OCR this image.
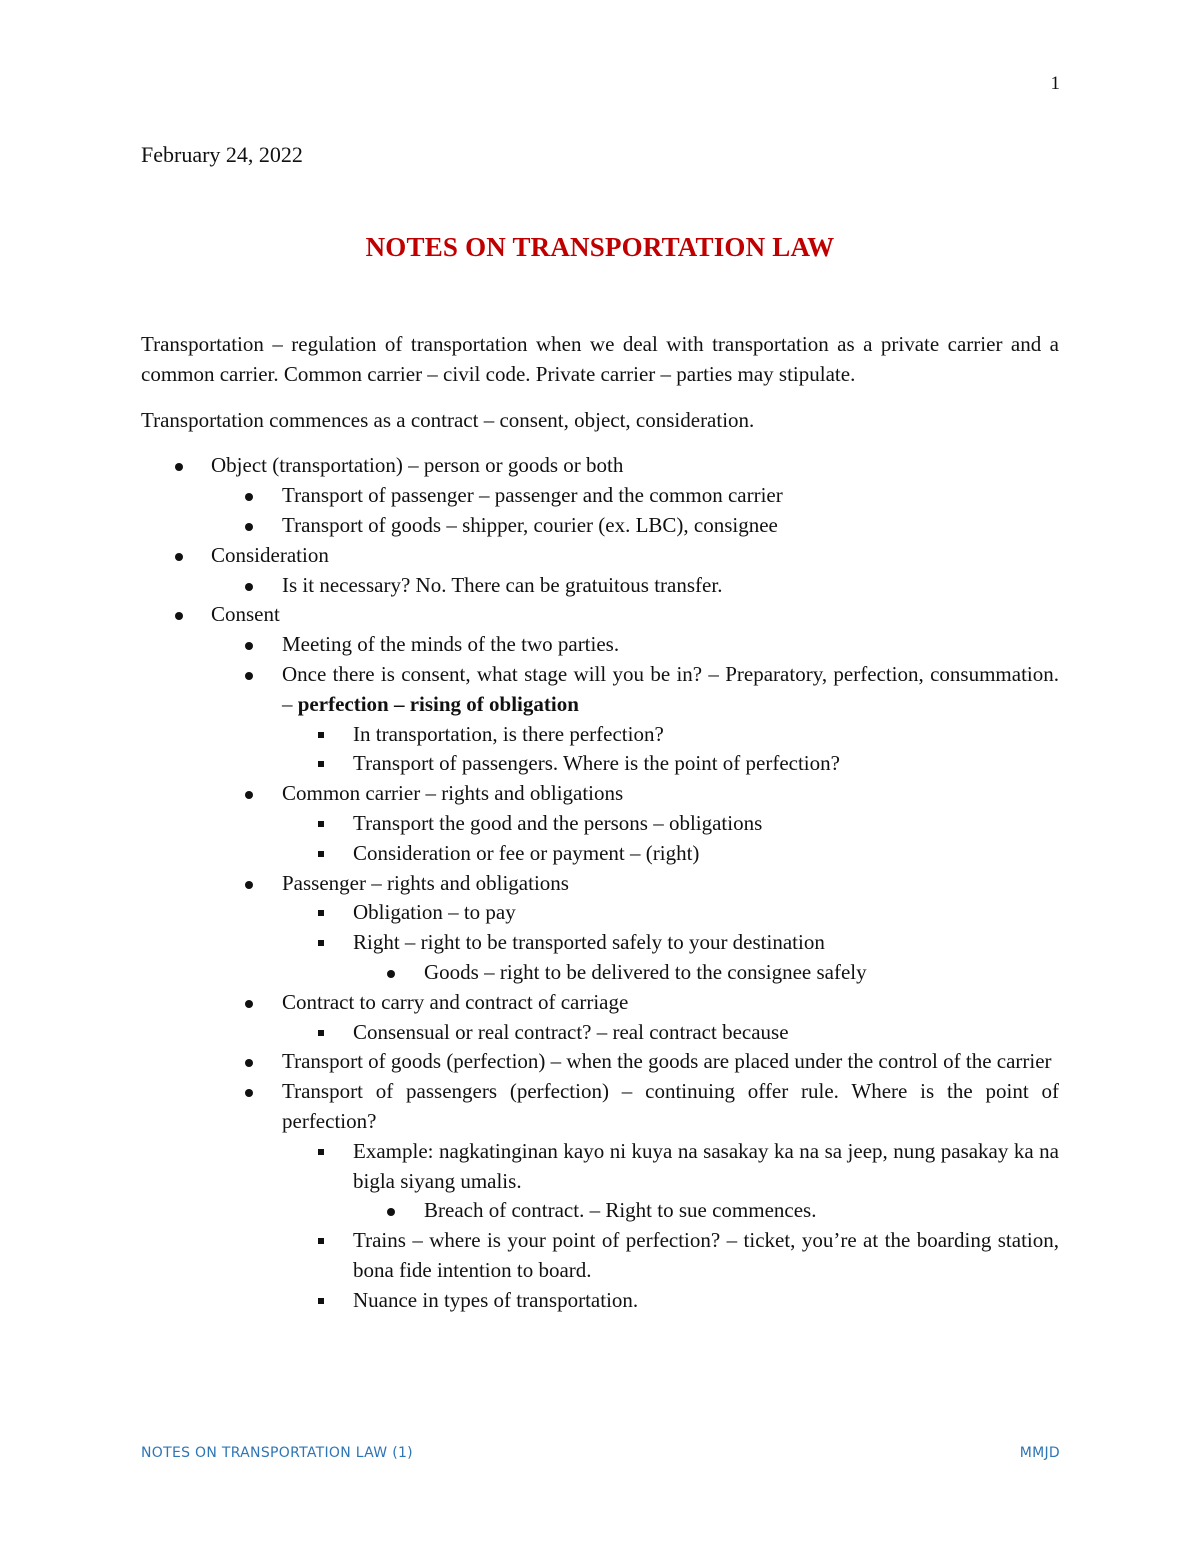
1
February 24, 2022
NOTES ON TRANSPORTATION LAW

Transportation – regulation of transportation when we deal with transportation as a private carrier and a common carrier. Common carrier – civil code. Private carrier – parties may stipulate.

Transportation commences as a contract – consent, object, consideration.

Object (transportation) – person or goods or both
Transport of passenger – passenger and the common carrier
Transport of goods – shipper, courier (ex. LBC), consignee
Consideration
Is it necessary? No. There can be gratuitous transfer.
Consent
Meeting of the minds of the two parties.
Once there is consent, what stage will you be in? – Preparatory, perfection, consummation. – perfection – rising of obligation
In transportation, is there perfection?
Transport of passengers. Where is the point of perfection?
Common carrier – rights and obligations
Transport the good and the persons – obligations
Consideration or fee or payment – (right)
Passenger – rights and obligations
Obligation – to pay
Right – right to be transported safely to your destination
Goods – right to be delivered to the consignee safely
Contract to carry and contract of carriage
Consensual or real contract? – real contract because
Transport of goods (perfection) – when the goods are placed under the control of the carrier
Transport of passengers (perfection) – continuing offer rule. Where is the point of perfection?
Example: nagkatinginan kayo ni kuya na sasakay ka na sa jeep, nung pasakay ka na bigla siyang umalis.
Breach of contract. – Right to sue commences.
Trains – where is your point of perfection? – ticket, you’re at the boarding station, bona fide intention to board.
Nuance in types of transportation.
NOTES ON TRANSPORTATION LAW (1)	MMJD
